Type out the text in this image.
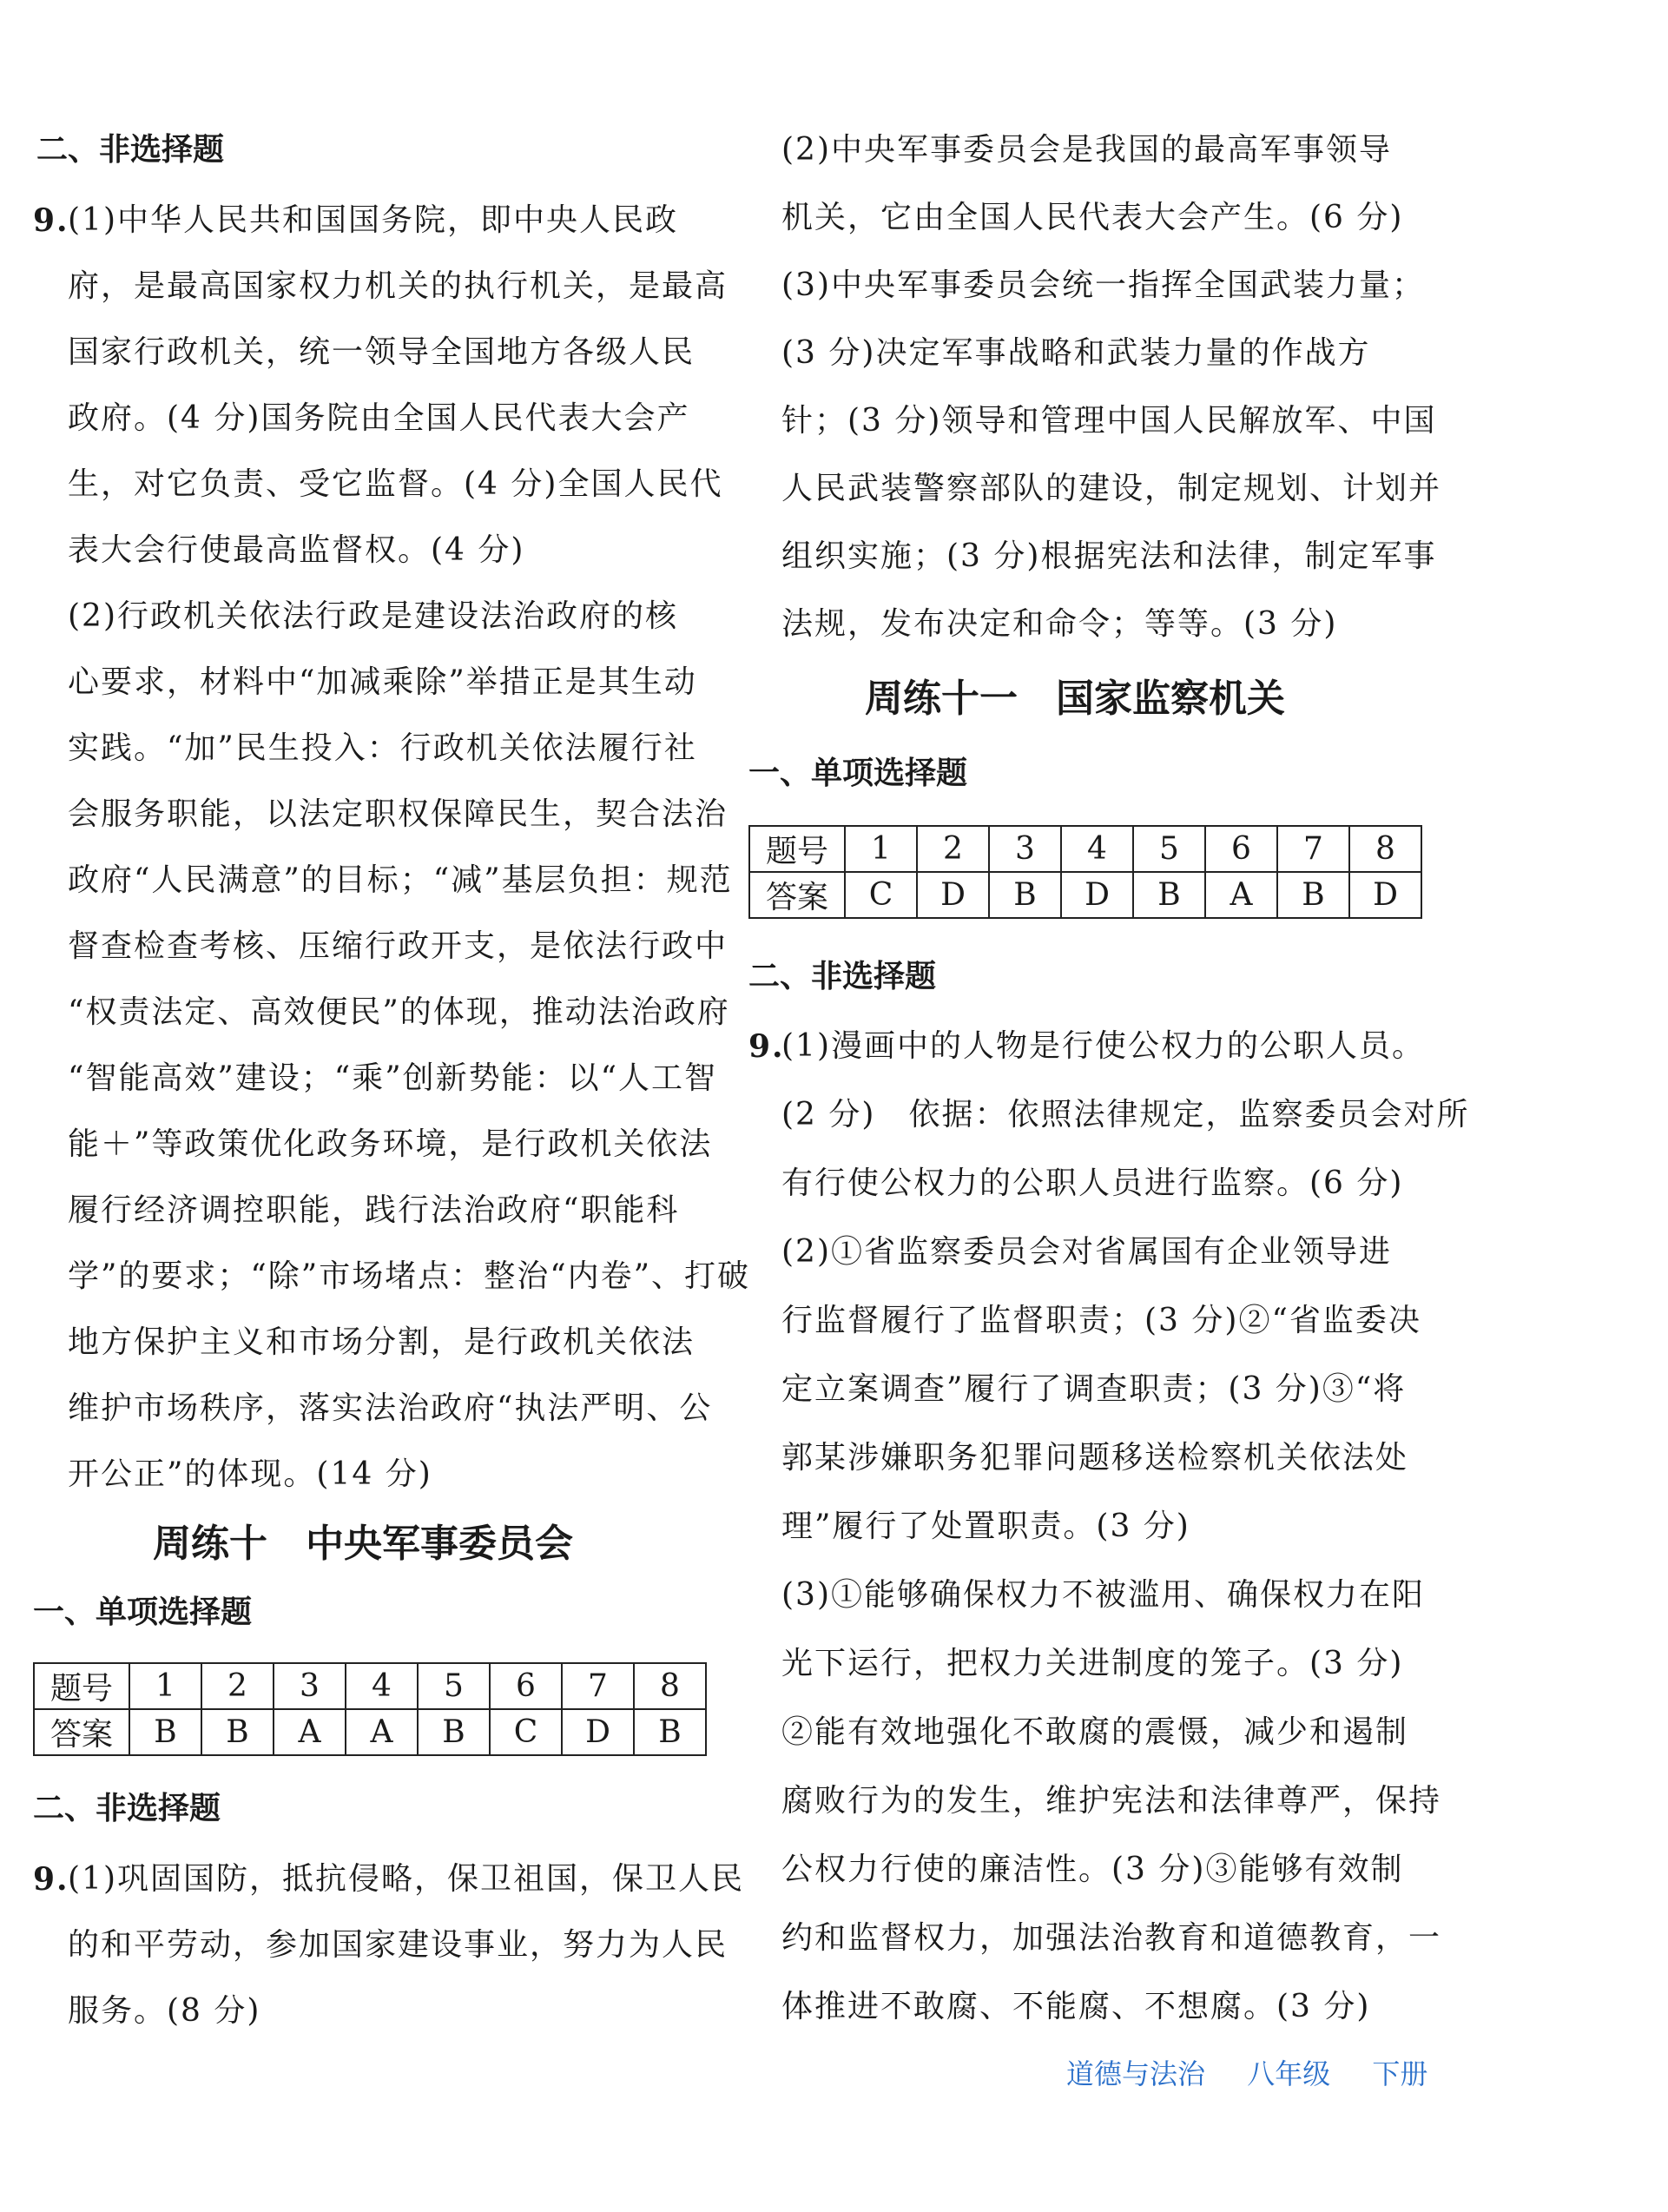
二、非选择题
9.
(1)中华人民共和国国务院，即中央人民政
府，是最高国家权力机关的执行机关，是最高
国家行政机关，统一领导全国地方各级人民
政府。(4 分)国务院由全国人民代表大会产
生，对它负责、受它监督。(4 分)全国人民代
表大会行使最高监督权。(4 分)
(2)行政机关依法行政是建设法治政府的核
心要求，材料中“加减乘除”举措正是其生动
实践。“加”民生投入：行政机关依法履行社
会服务职能，以法定职权保障民生，契合法治
政府“人民满意”的目标；“减”基层负担：规范
督查检查考核、压缩行政开支，是依法行政中
“权责法定、高效便民”的体现，推动法治政府
“智能高效”建设；“乘”创新势能：以“人工智
能＋”等政策优化政务环境，是行政机关依法
履行经济调控职能，践行法治政府“职能科
学”的要求；“除”市场堵点：整治“内卷”、打破
地方保护主义和市场分割，是行政机关依法
维护市场秩序，落实法治政府“执法严明、公
开公正”的体现。(14 分)
周练十　中央军事委员会
一、单项选择题
题号	1	2	3	4	5	6	7	8
答案	B	B	A	A	B	C	D	B
二、非选择题
9.
(1)巩固国防，抵抗侵略，保卫祖国，保卫人民
的和平劳动，参加国家建设事业，努力为人民
服务。(8 分)
(2)中央军事委员会是我国的最高军事领导
机关，它由全国人民代表大会产生。(6 分)
(3)中央军事委员会统一指挥全国武装力量；
(3 分)决定军事战略和武装力量的作战方
针；(3 分)领导和管理中国人民解放军、中国
人民武装警察部队的建设，制定规划、计划并
组织实施；(3 分)根据宪法和法律，制定军事
法规，发布决定和命令；等等。(3 分)
周练十一　国家监察机关
一、单项选择题
题号	1	2	3	4	5	6	7	8
答案	C	D	B	D	B	A	B	D
二、非选择题
9.
(1)漫画中的人物是行使公权力的公职人员。
(2 分)　依据：依照法律规定，监察委员会对所
有行使公权力的公职人员进行监察。(6 分)
(2)①省监察委员会对省属国有企业领导进
行监督履行了监督职责；(3 分)②“省监委决
定立案调查”履行了调查职责；(3 分)③“将
郭某涉嫌职务犯罪问题移送检察机关依法处
理”履行了处置职责。(3 分)
(3)①能够确保权力不被滥用、确保权力在阳
光下运行，把权力关进制度的笼子。(3 分)
②能有效地强化不敢腐的震慑，减少和遏制
腐败行为的发生，维护宪法和法律尊严，保持
公权力行使的廉洁性。(3 分)③能够有效制
约和监督权力，加强法治教育和道德教育，一
体推进不敢腐、不能腐、不想腐。(3 分)
道德与法治 八年级 下册
